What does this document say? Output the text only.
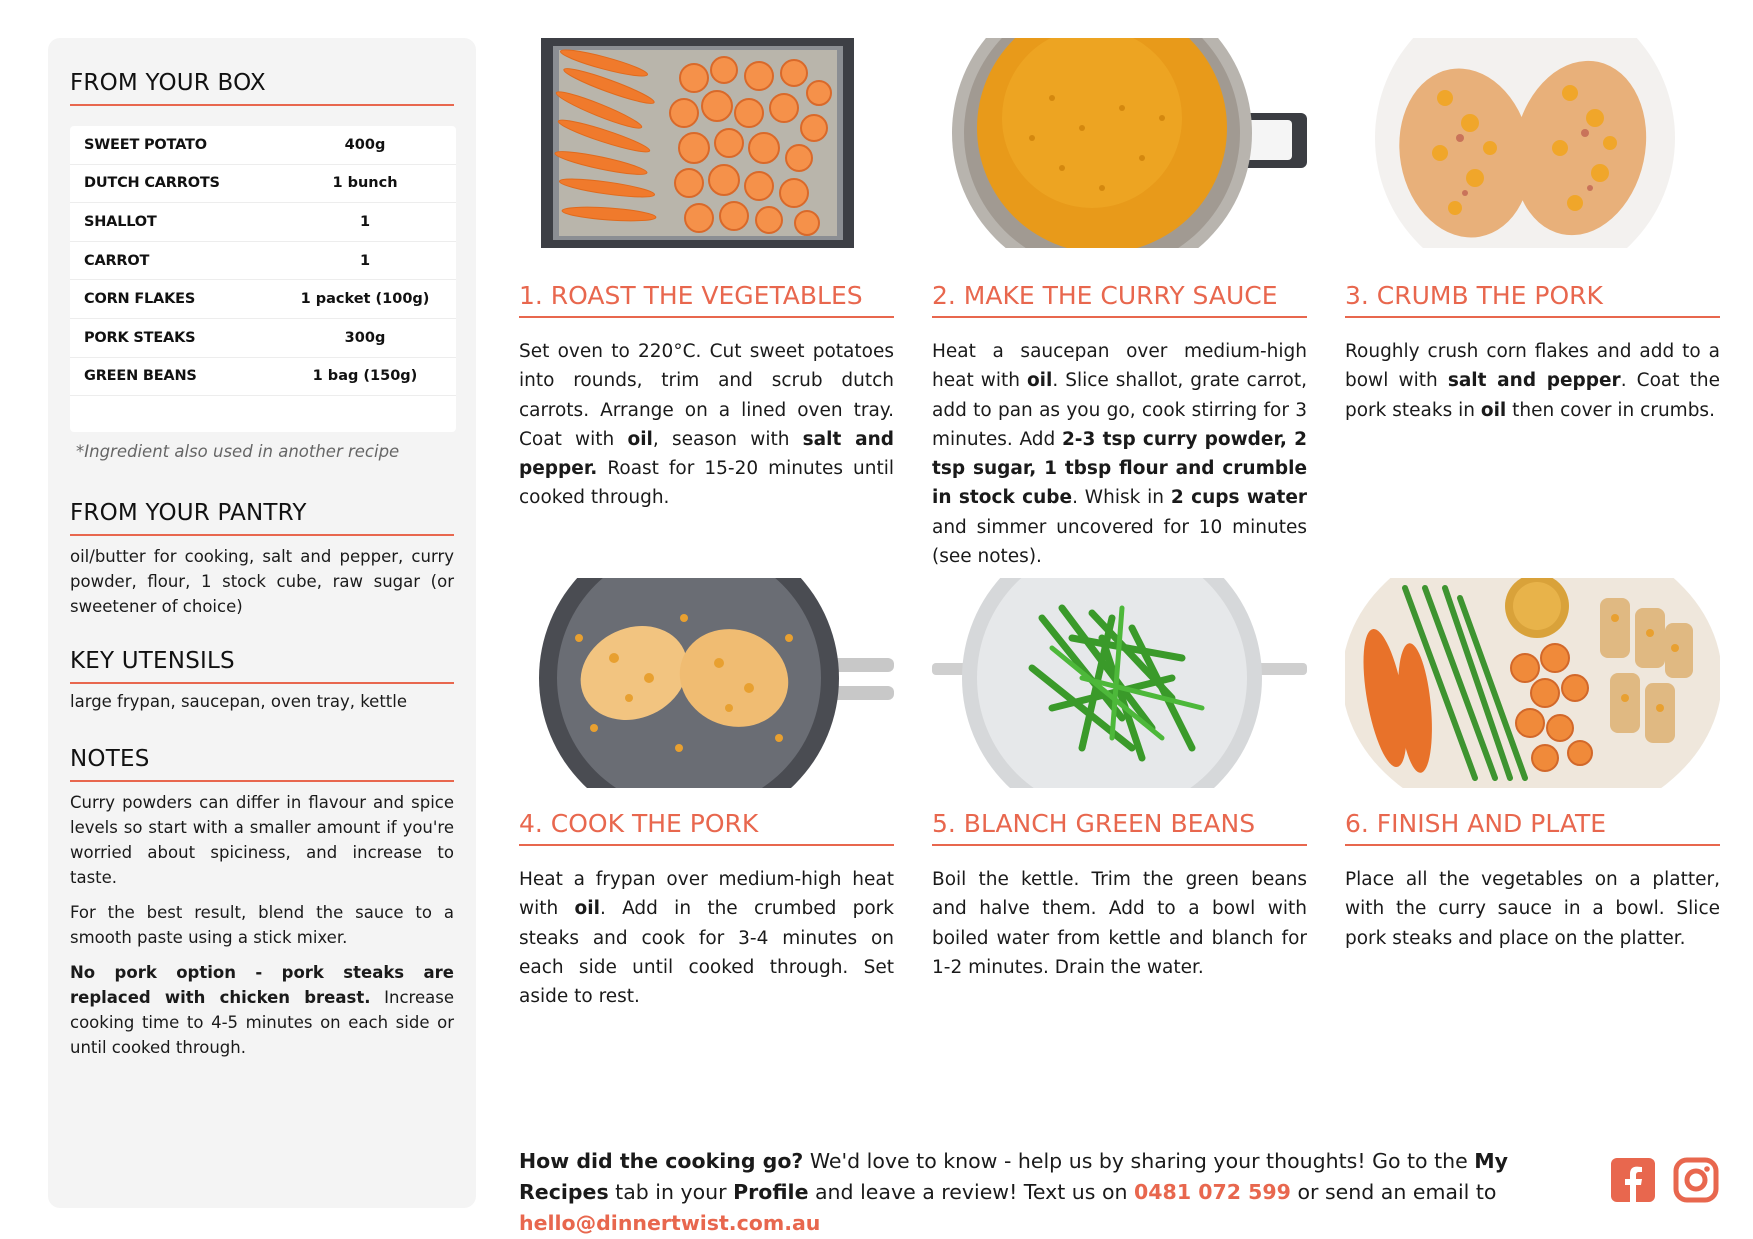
FROM YOUR BOX
SWEET POTATO	400g
DUTCH CARROTS	1 bunch
SHALLOT	1
CARROT	1
CORN FLAKES	1 packet (100g)
PORK STEAKS	300g
GREEN BEANS	1 bag (150g)
*Ingredient also used in another recipe
FROM YOUR PANTRY
oil/butter for cooking, salt and pepper, curry powder, flour, 1 stock cube, raw sugar (or sweetener of choice)
KEY UTENSILS
large frypan, saucepan, oven tray, kettle
NOTES

Curry powders can differ in flavour and spice levels so start with a smaller amount if you're worried about spiciness, and increase to taste.

For the best result, blend the sauce to a smooth paste using a stick mixer.

No pork option - pork steaks are replaced with chicken breast. Increase cooking time to 4-5 minutes on each side or until cooked through.

1. ROAST THE VEGETABLES
Set oven to 220°C. Cut sweet potatoes into rounds, trim and scrub dutch carrots. Arrange on a lined oven tray. Coat with oil, season with salt and pepper. Roast for 15-20 minutes until cooked through.
2. MAKE THE CURRY SAUCE
Heat a saucepan over medium-high heat with oil. Slice shallot, grate carrot, add to pan as you go, cook stirring for 3 minutes. Add 2-3 tsp curry powder, 2 tsp sugar, 1 tbsp flour and crumble in stock cube. Whisk in 2 cups water and simmer uncovered for 10 minutes (see notes).
3. CRUMB THE PORK
Roughly crush corn flakes and add to a bowl with salt and pepper. Coat the pork steaks in oil then cover in crumbs.
4. COOK THE PORK
Heat a frypan over medium-high heat with oil. Add in the crumbed pork steaks and cook for 3-4 minutes on each side until cooked through. Set aside to rest.
5. BLANCH GREEN BEANS
Boil the kettle. Trim the green beans and halve them. Add to a bowl with boiled water from kettle and blanch for 1-2 minutes. Drain the water.
6. FINISH AND PLATE
Place all the vegetables on a platter, with the curry sauce in a bowl. Slice pork steaks and place on the platter.
How did the cooking go? We'd love to know - help us by sharing your thoughts! Go to the My Recipes tab in your Profile and leave a review! Text us on 0481 072 599 or send an email to hello@dinnertwist.com.au
